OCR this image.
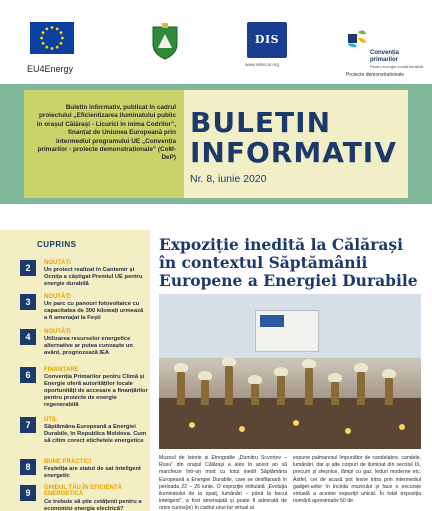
EU4Energy
DIS
www.sidecon.org
Convenția primarilor
Pentru energie locală durabilă
Proiecte demonstrationale
Buletin informativ, publicat în cadrul proiectului „Eficientizarea iluminatului public în orașul Călărași - Licurici în inima Codrilor”, finanțat de Uniunea Europeană prin intermediul programului UE „Convenția primarilor - proiecte demonstraționale” (CoM-DeP)
BULETIN
INFORMATIV
Nr. 8, iunie 2020
CUPRINS
2	NOUTĂȚI
Un proiect realizat în Cantemir și Ocnița a câștigat Premiul UE pentru energie durabilă
3	NOUTĂȚI
Un parc cu panouri fotovoltaice cu capacitatea de 300 kilowați urmează a fi amenajat la Fești
4	NOUTĂȚI
Utilizarea resurselor energetice alternative ar putea cunoaște un avânt, prognozează IEA
6	FINANȚARE
Convenția Primarilor pentru Climă și Energie oferă autorităților locale oportunități de accesare a finanțărilor pentru proiecte de energie regenerabilă
7	UTIL
Săptămâna Europeană a Energiei Durabile, în Republica Moldova. Cum să citim corect etichetele energetice
8	BUNE PRACTICI
Feștelița are statut de sat inteligent energetic
9	GHIDUL TĂU ÎN EFICIENȚĂ ENERGETICĂ
Ce trebuie să știe cetățenii pentru a economisi energia electrică?
Expoziție inedită la Călărași în contextul Săptămânii Europene a Energiei Durabile
Muzeul de Istorie și Etnografie „Dumitru Scvorțov – Rusu” din orașul Călărași a ales în acest an să marcheze într-un mod cu totul inedit Săptămâna Europeană a Energiei Durabile, care se desfășoară în perioada 22 – 26 iunie. O expoziție intitulată „Evoluția iluminatului de la opaiț, lumânări – până la becul inteligent”, a fost amenajată și poate fi admirată de orice curios(ie) în cadrul unui tur virtual al
expune palmaresul împunător de candelabre, candele, lumânări, dar și alte corpuri de iluminat din secolul IX, precum și sfeșnice, lămpi cu gaz, leduri moderne etc. Astfel, cei de acasă pot lesne intra prin intermediul gadget-urilor în incinta muzeului și face o excursie virtuală a acestei expoziții unicat. În total expoziția numără aproximativ 50 de
